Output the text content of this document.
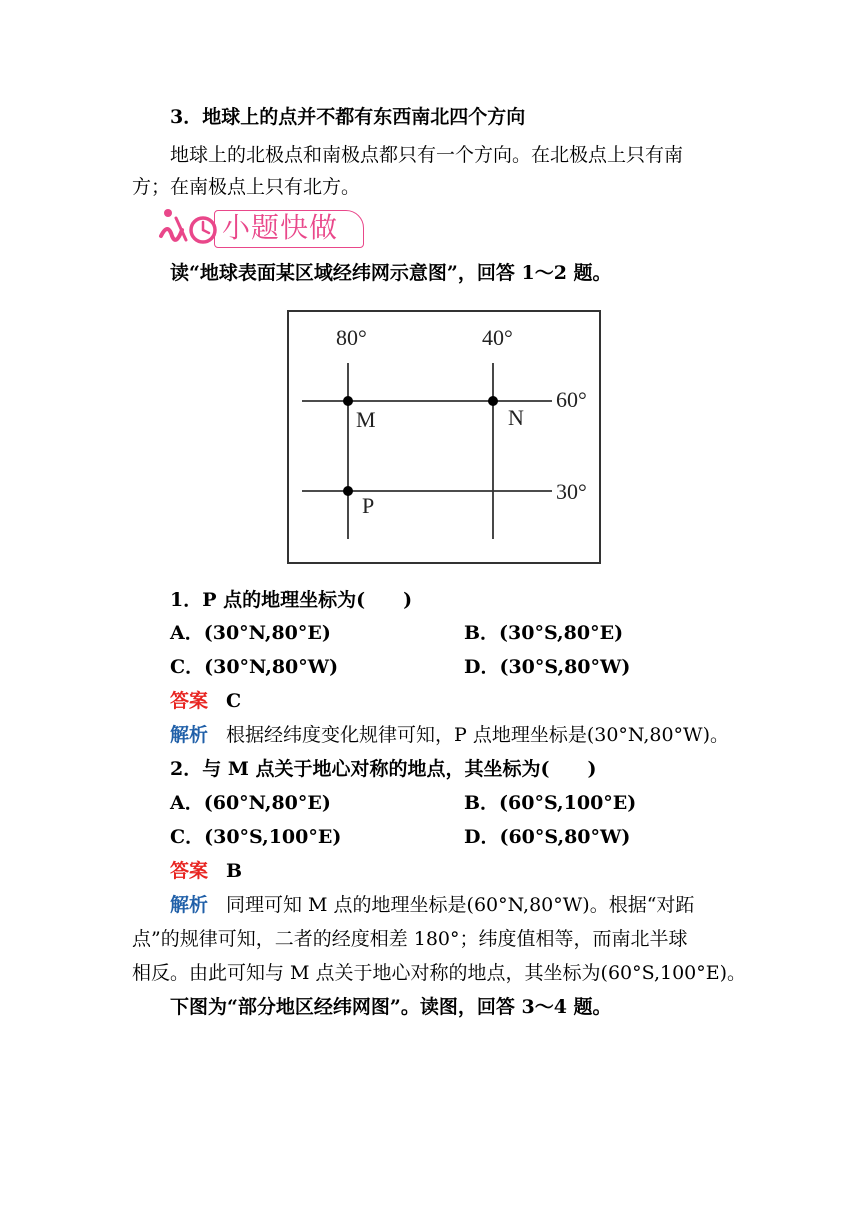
3．地球上的点并不都有东西南北四个方向
地球上的北极点和南极点都只有一个方向。在北极点上只有南
方；在南极点上只有北方。
小题快做
读“地球表面某区域经纬网示意图”，回答 1～2 题。
80°	40°
60°
30°
M	N
P
1．P 点的地理坐标为(　　)
A．(30°N,80°E)	B．(30°S,80°E)
C．(30°N,80°W)	D．(30°S,80°W)
答案 C
解析 根据经纬度变化规律可知，P 点地理坐标是(30°N,80°W)。
2．与 M 点关于地心对称的地点，其坐标为(　　)
A．(60°N,80°E)	B．(60°S,100°E)
C．(30°S,100°E)	D．(60°S,80°W)
答案 B
解析 同理可知 M 点的地理坐标是(60°N,80°W)。根据“对跖
点”的规律可知，二者的经度相差 180°；纬度值相等，而南北半球
相反。由此可知与 M 点关于地心对称的地点，其坐标为(60°S,100°E)。
下图为“部分地区经纬网图”。读图，回答 3～4 题。
